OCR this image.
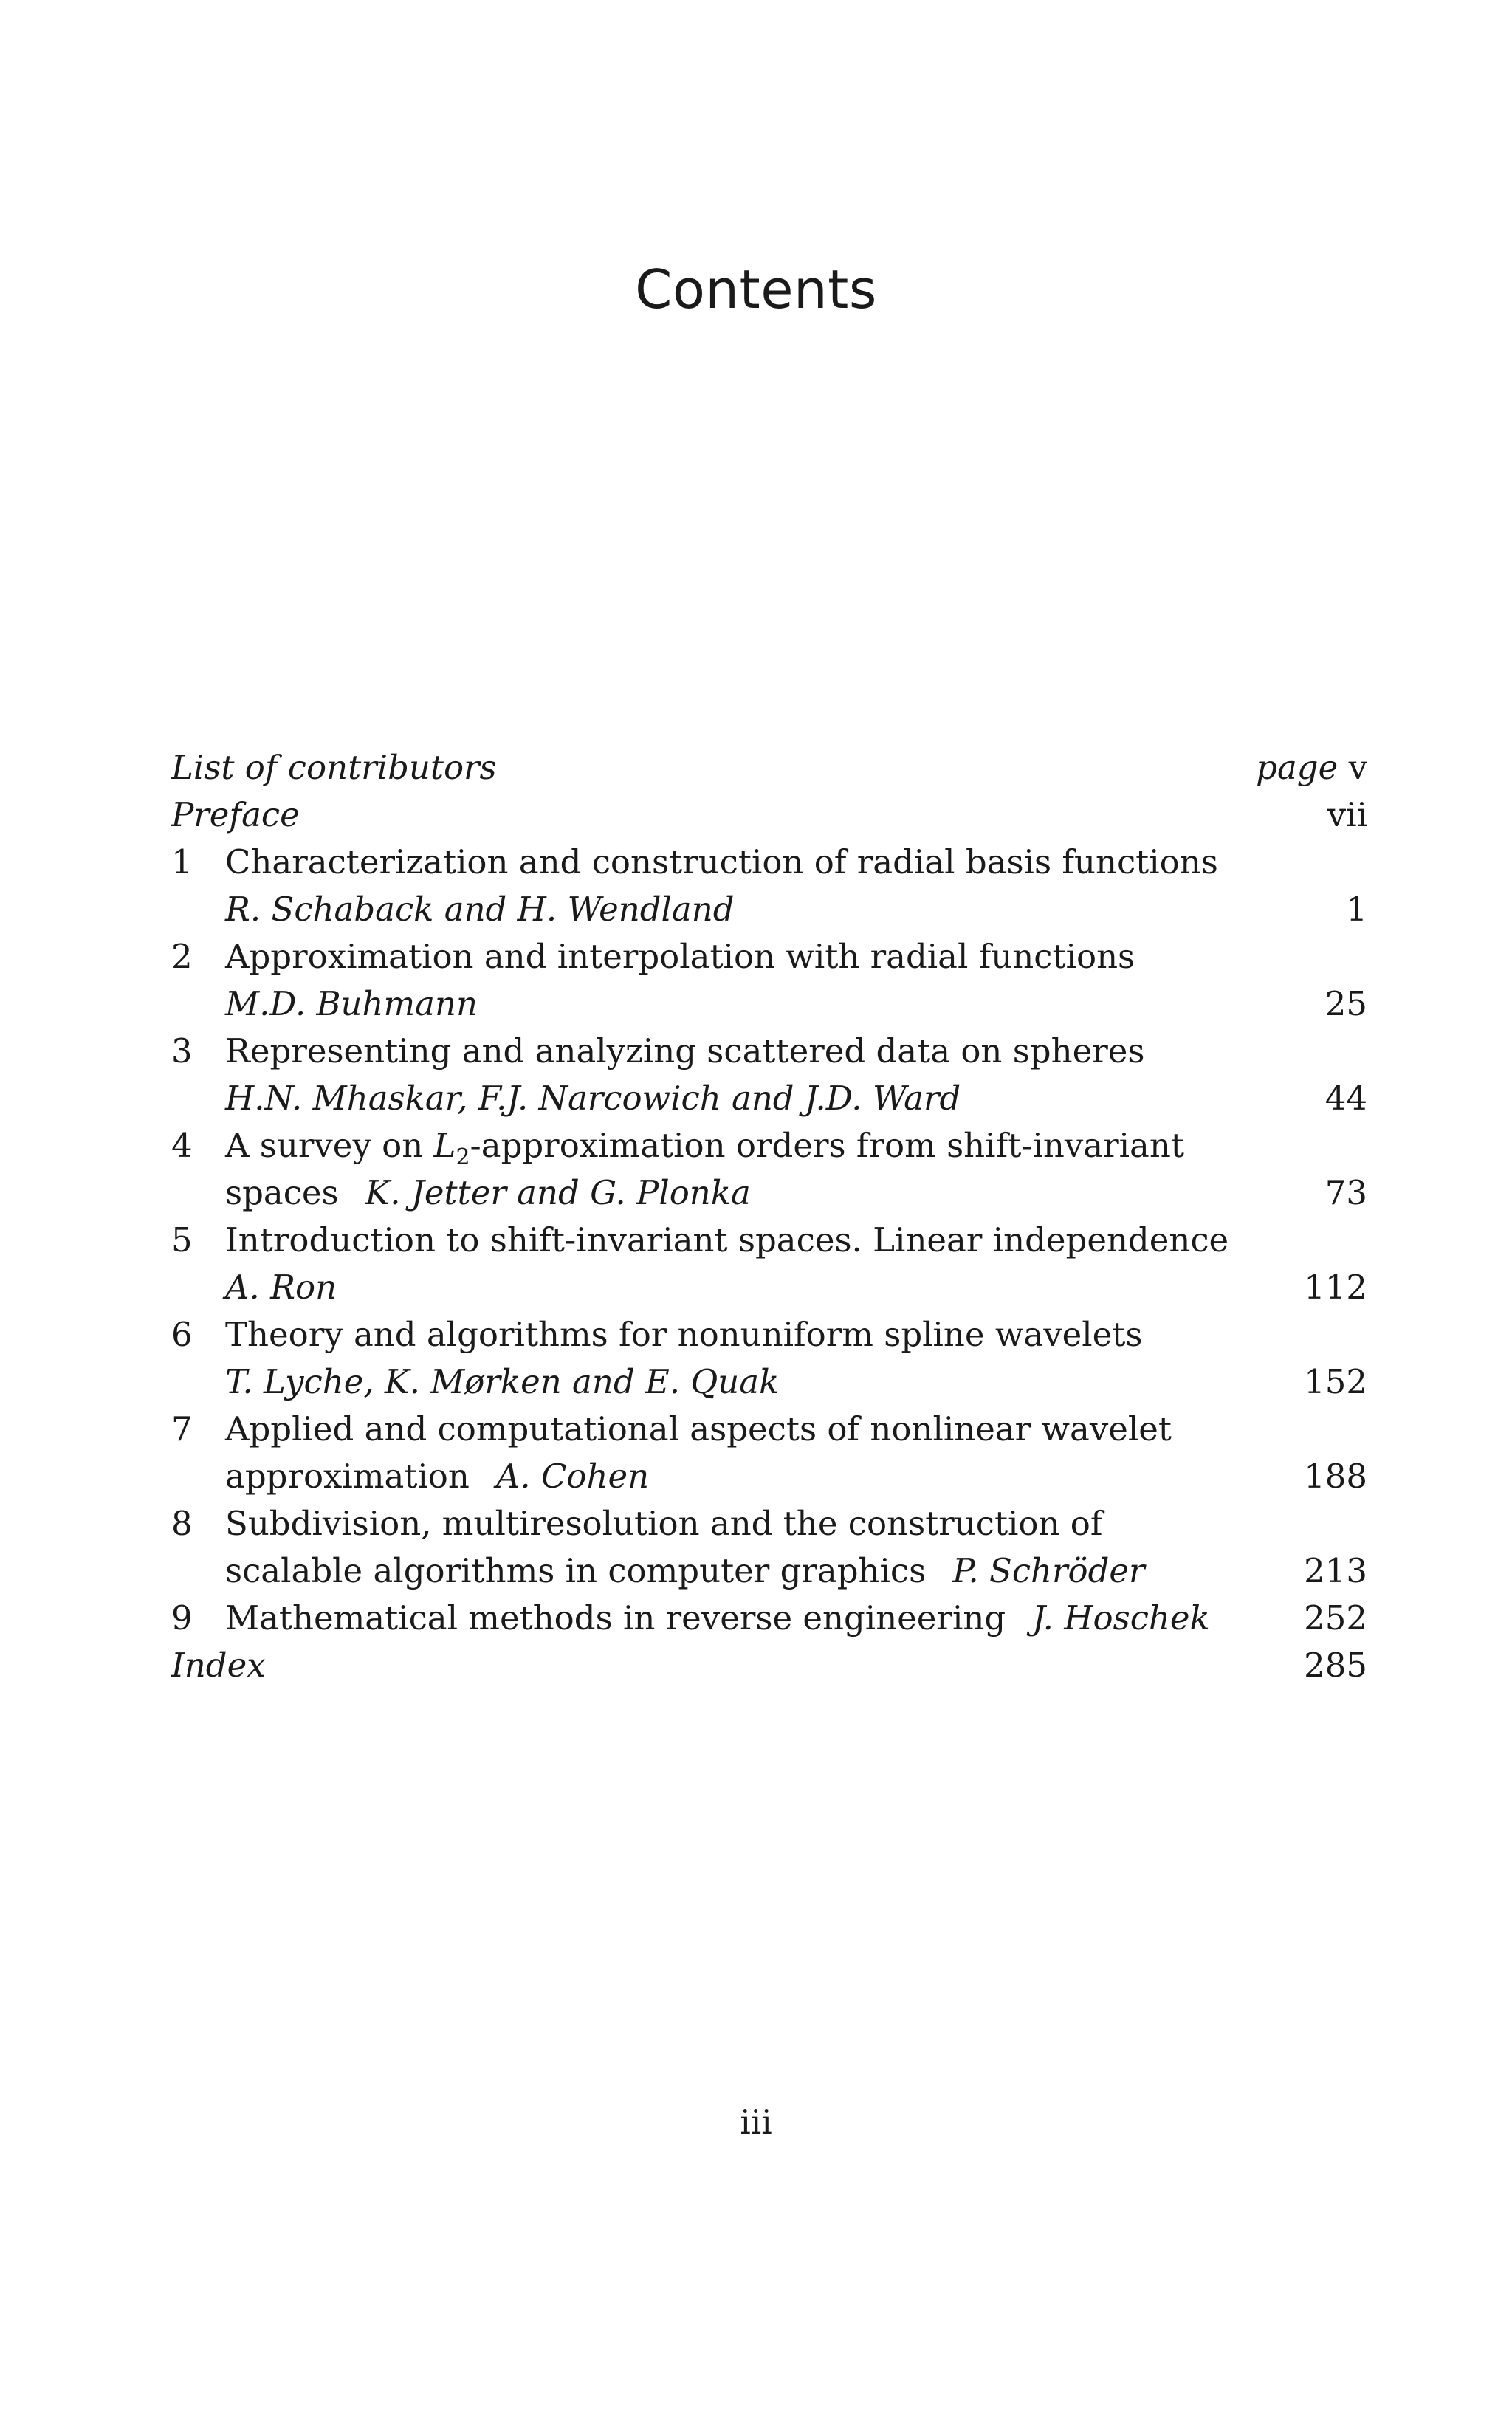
Contents
List of contributors	page v
Preface	vii
1 Characterization and construction of radial basis functions
R. Schaback and H. Wendland	1
2 Approximation and interpolation with radial functions
M.D. Buhmann	25
3 Representing and analyzing scattered data on spheres
H.N. Mhaskar, F.J. Narcowich and J.D. Ward	44
4 A survey on $L_2$-approximation orders from shift-invariant
spaces K. Jetter and G. Plonka	73
5 Introduction to shift-invariant spaces. Linear independence
A. Ron	112
6 Theory and algorithms for nonuniform spline wavelets
T. Lyche, K. Mørken and E. Quak	152
7 Applied and computational aspects of nonlinear wavelet
approximation A. Cohen	188
8 Subdivision, multiresolution and the construction of
scalable algorithms in computer graphics P. Schröder	213
9 Mathematical methods in reverse engineering J. Hoschek	252
Index	285
iii
